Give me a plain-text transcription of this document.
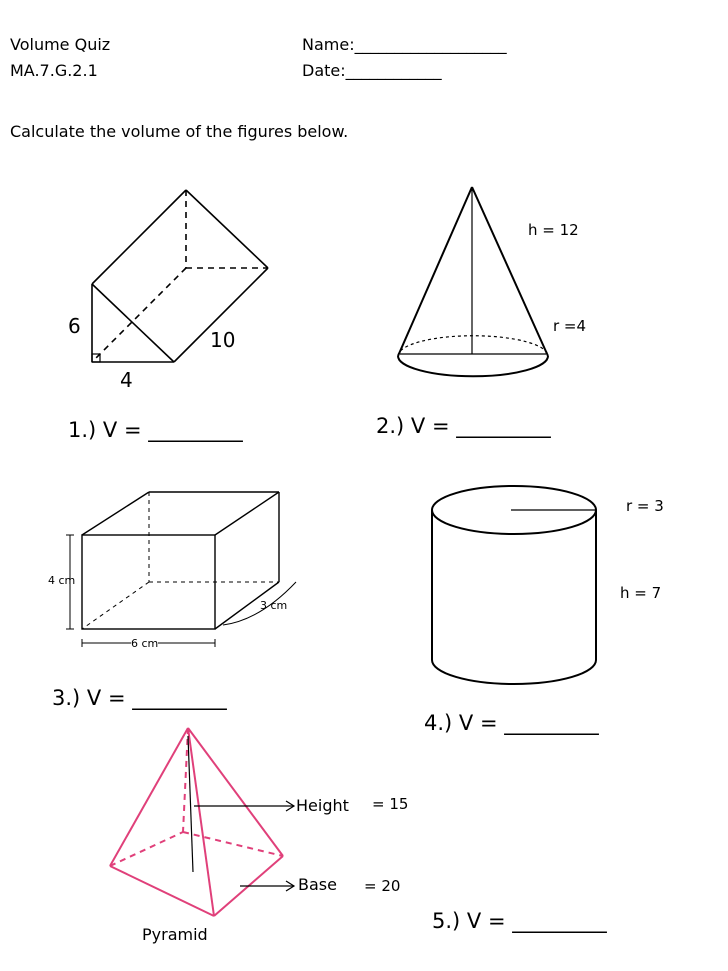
Volume Quiz
MA.7.G.2.1
Name:___________________
Date:____________
Calculate the volume of the figures below.
6
10
4
1.) V = _________
h = 12
r =4
2.) V = _________
4 cm
3 cm
6 cm
3.) V = _________
r = 3
h = 7
4.) V = _________
Height = 15
Base = 20
Pyramid
5.) V = _________
